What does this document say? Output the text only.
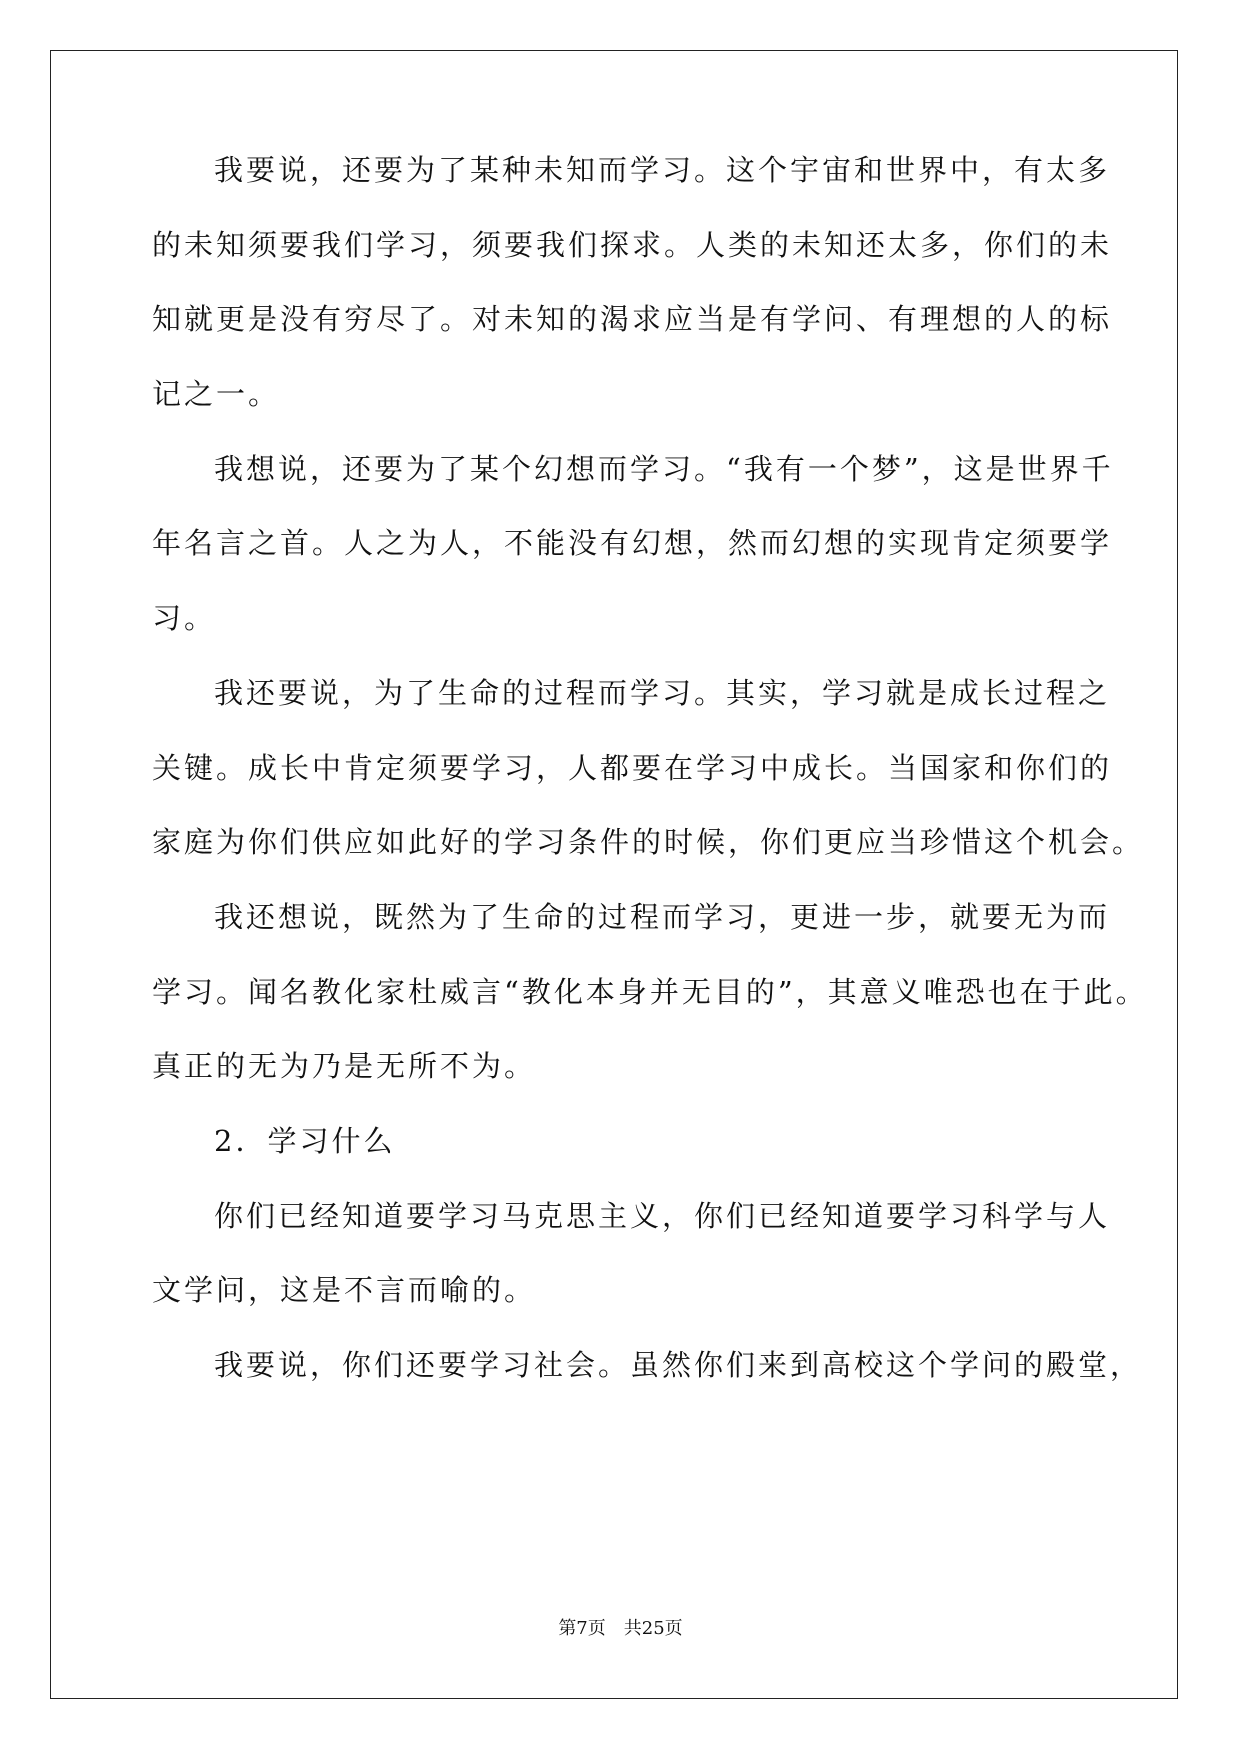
我要说，还要为了某种未知而学习。这个宇宙和世界中，有太多
的未知须要我们学习，须要我们探求。人类的未知还太多，你们的未
知就更是没有穷尽了。对未知的渴求应当是有学问、有理想的人的标
记之一。
我想说，还要为了某个幻想而学习。“我有一个梦”，这是世界千
年名言之首。人之为人，不能没有幻想，然而幻想的实现肯定须要学
习。
我还要说，为了生命的过程而学习。其实，学习就是成长过程之
关键。成长中肯定须要学习，人都要在学习中成长。当国家和你们的
家庭为你们供应如此好的学习条件的时候，你们更应当珍惜这个机会。
我还想说，既然为了生命的过程而学习，更进一步，就要无为而
学习。闻名教化家杜威言“教化本身并无目的”，其意义唯恐也在于此。
真正的无为乃是无所不为。
2．学习什么
你们已经知道要学习马克思主义，你们已经知道要学习科学与人
文学问，这是不言而喻的。
我要说，你们还要学习社会。虽然你们来到高校这个学问的殿堂，
第7页　共25页
